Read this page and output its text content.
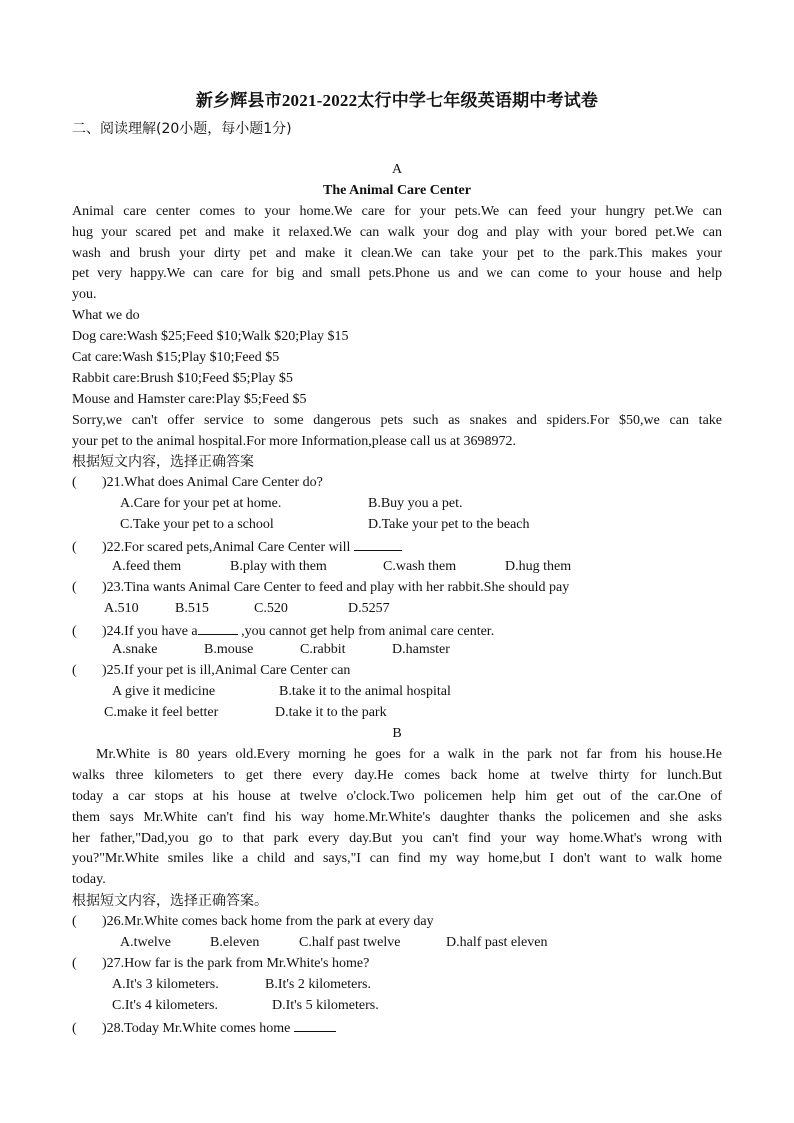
新乡辉县市2021-2022太行中学七年级英语期中考试卷
二、阅读理解(20小题，每小题1分)
A
The Animal Care Center
Animal care center comes to your home.We care for your pets.We can feed your hungry pet.We can
hug your scared pet and make it relaxed.We can walk your dog and play with your bored pet.We can
wash and brush your dirty pet and make it clean.We can take your pet to the park.This makes your
pet very happy.We can care for big and small pets.Phone us and we can come to your house and help
you.
What we do
Dog care:Wash $25;Feed $10;Walk $20;Play $15
Cat care:Wash $15;Play $10;Feed $5
Rabbit care:Brush $10;Feed $5;Play $5
Mouse and Hamster care:Play $5;Feed $5
Sorry,we can't offer service to some dangerous pets such as snakes and spiders.For $50,we can take
your pet to the animal hospital.For more Information,please call us at 3698972.
根据短文内容，选择正确答案
( )21.What does Animal Care Center do?
A.Care for your pet at home.	B.Buy you a pet.
C.Take your pet to a school	D.Take your pet to the beach
( )22.For scared pets,Animal Care Center will
A.feed them	B.play with them	C.wash them	D.hug them
( )23.Tina wants Animal Care Center to feed and play with her rabbit.She should pay
A.510	B.515	C.520	D.5257
( )24.If you have a	,you cannot get help from animal care center.
A.snake	B.mouse	C.rabbit	D.hamster
( )25.If your pet is ill,Animal Care Center can
A give it medicine	B.take it to the animal hospital
C.make it feel better	D.take it to the park
B
Mr.White is 80 years old.Every morning he goes for a walk in the park not far from his house.He
walks three kilometers to get there every day.He comes back home at twelve thirty for lunch.But
today a car stops at his house at twelve o'clock.Two policemen help him get out of the car.One of
them says Mr.White can't find his way home.Mr.White's daughter thanks the policemen and she asks
her father,"Dad,you go to that park every day.But you can't find your way home.What's wrong with
you?"Mr.White smiles like a child and says,"I can find my way home,but I don't want to walk home
today.
根据短文内容，选择正确答案。
( )26.Mr.White comes back home from the park at every day
A.twelve	B.eleven	C.half past twelve	D.half past eleven
( )27.How far is the park from Mr.White's home?
A.It's 3 kilometers.	B.It's 2 kilometers.
C.It's 4 kilometers.	D.It's 5 kilometers.
( )28.Today Mr.White comes home
